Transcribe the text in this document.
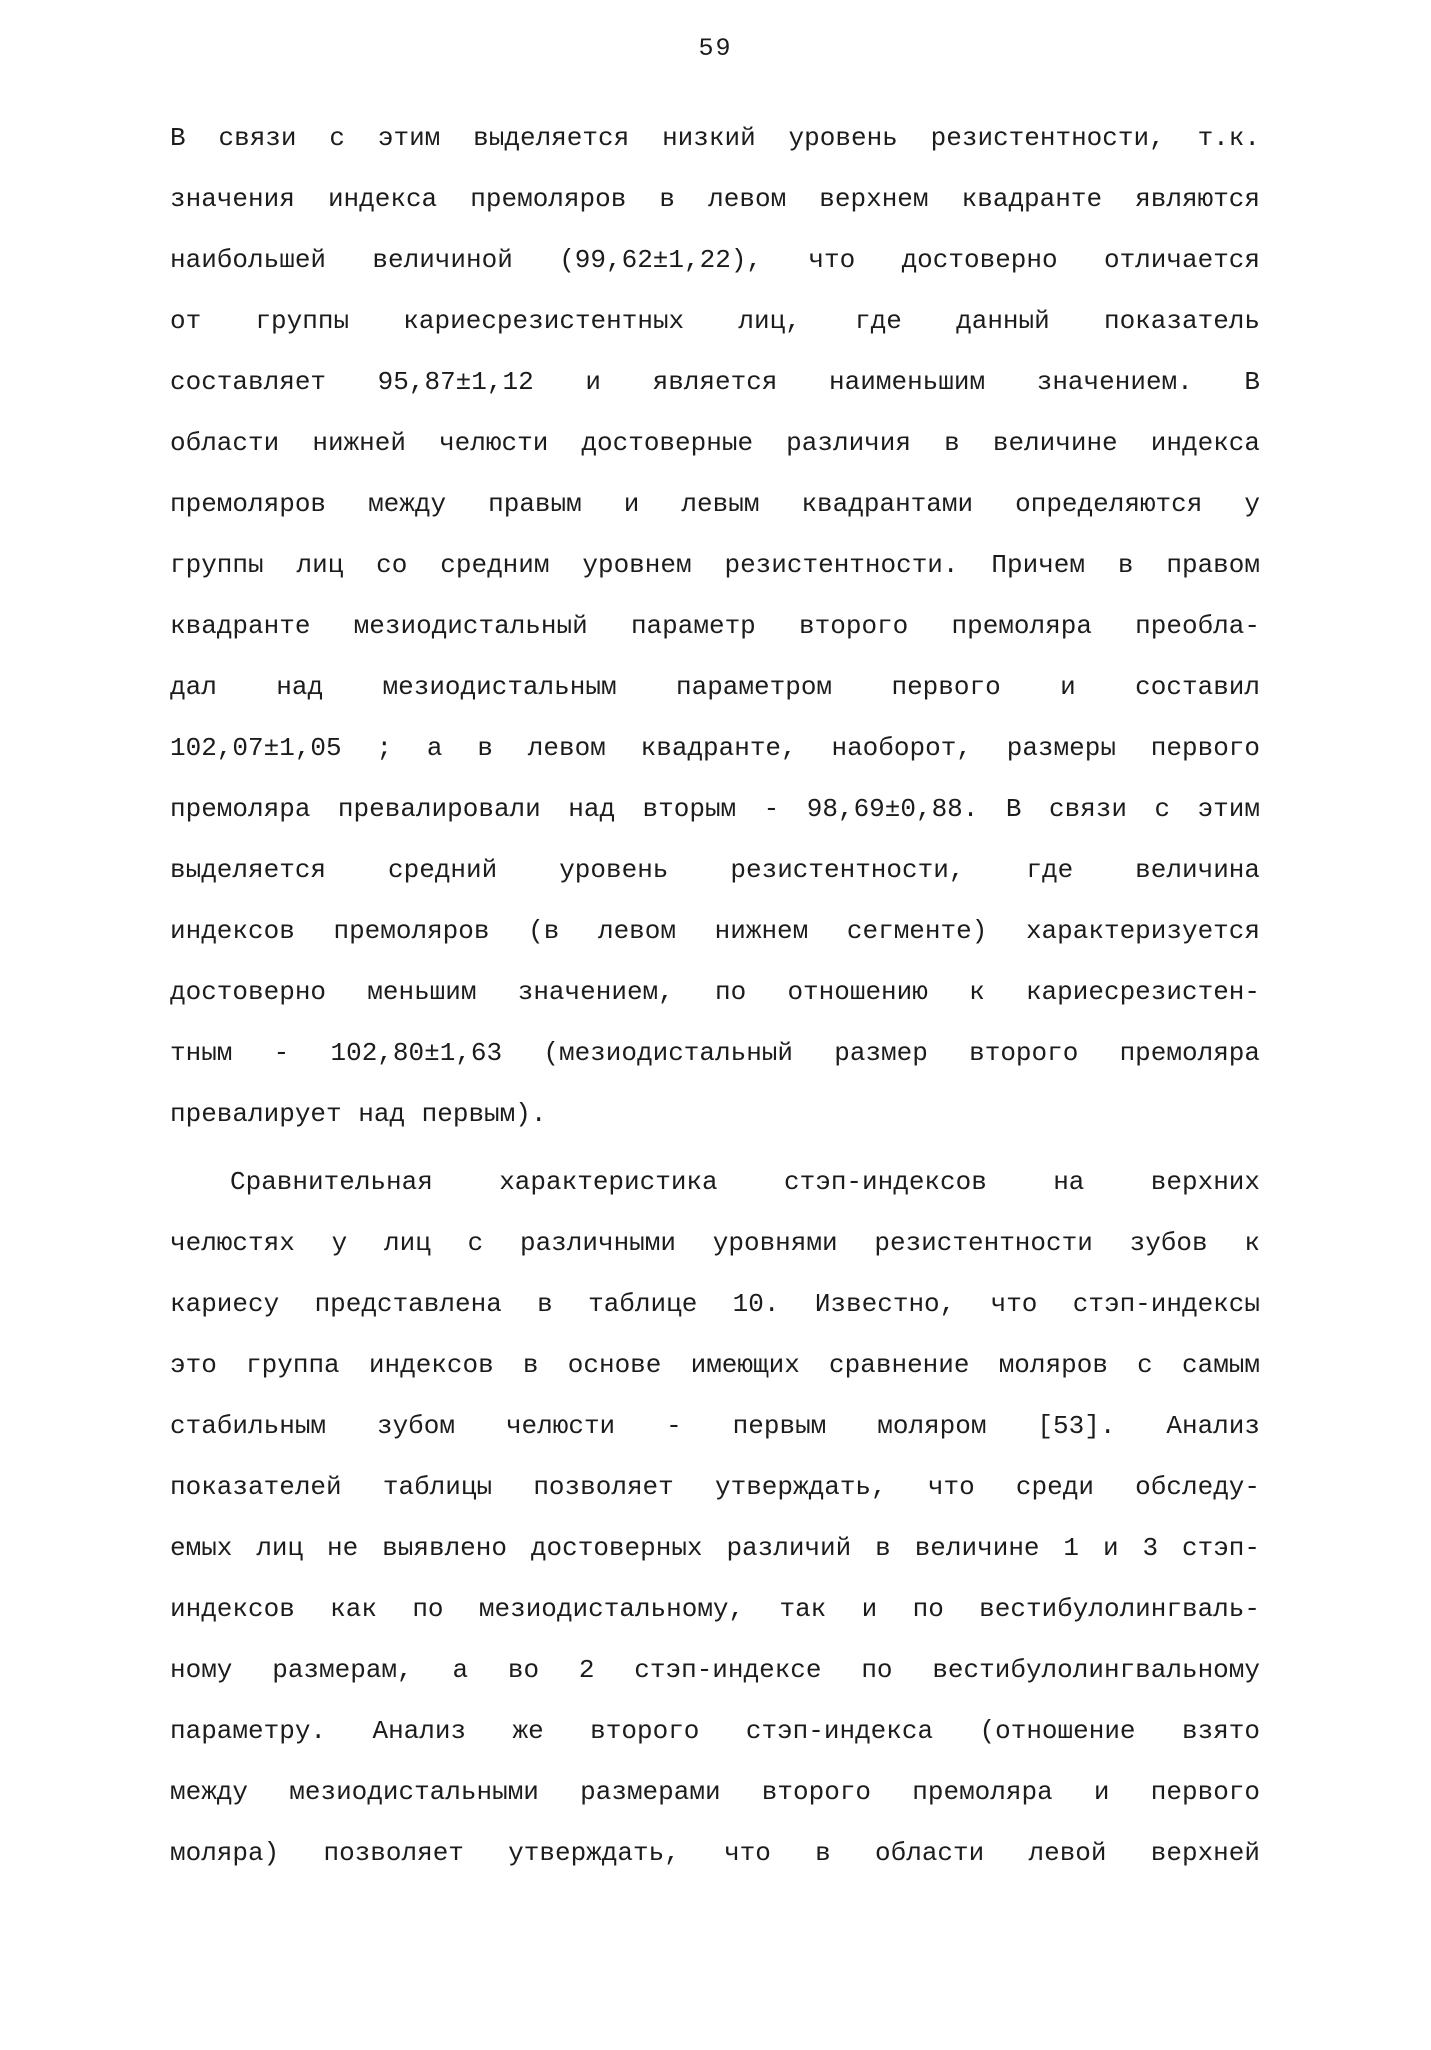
59
В связи с этим выделяется низкий уровень резистентности, т.к.
значения индекса премоляров в левом верхнем квадранте являются
наибольшей величиной (99,62±1,22), что достоверно отличается
от группы кариесрезистентных лиц, где данный показатель
составляет 95,87±1,12 и является наименьшим значением. В
области нижней челюсти достоверные различия в величине индекса
премоляров между правым и левым квадрантами определяются у
группы лиц со средним уровнем резистентности. Причем в правом
квадранте мезиодистальный параметр второго премоляра преобла-
дал над мезиодистальным параметром первого и составил
102,07±1,05 ; а в левом квадранте, наоборот, размеры первого
премоляра превалировали над вторым - 98,69±0,88. В связи с этим
выделяется средний уровень резистентности, где величина
индексов премоляров (в левом нижнем сегменте) характеризуется
достоверно меньшим значением, по отношению к кариесрезистен-
тным - 102,80±1,63 (мезиодистальный размер второго премоляра
превалирует над первым).
Сравнительная характеристика стэп-индексов на верхних
челюстях у лиц с различными уровнями резистентности зубов к
кариесу представлена в таблице 10. Известно, что стэп-индексы
это группа индексов в основе имеющих сравнение моляров с самым
стабильным зубом челюсти - первым моляром [53]. Анализ
показателей таблицы позволяет утверждать, что среди обследу-
емых лиц не выявлено достоверных различий в величине 1 и 3 стэп-
индексов как по мезиодистальному, так и по вестибулолингваль-
ному размерам, а во 2 стэп-индексе по вестибулолингвальному
параметру. Анализ же второго стэп-индекса (отношение взято
между мезиодистальными размерами второго премоляра и первого
моляра) позволяет утверждать, что в области левой верхней
